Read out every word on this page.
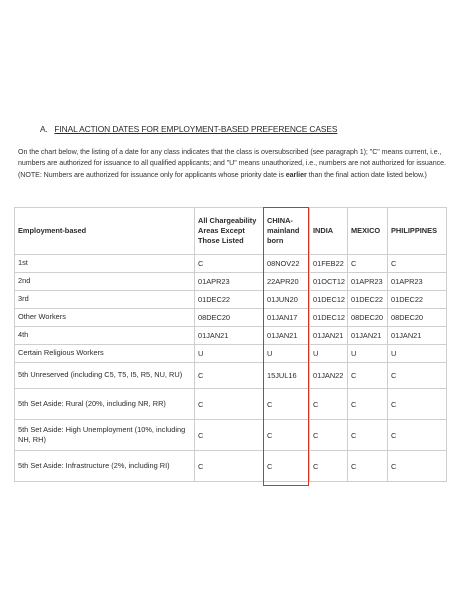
A. FINAL ACTION DATES FOR EMPLOYMENT-BASED PREFERENCE CASES
On the chart below, the listing of a date for any class indicates that the class is oversubscribed (see paragraph 1); "C" means current, i.e., numbers are authorized for issuance to all qualified applicants; and "U" means unauthorized, i.e., numbers are not authorized for issuance. (NOTE: Numbers are authorized for issuance only for applicants whose priority date is earlier than the final action date listed below.)
Employment-based	All Chargeability Areas Except Those Listed	CHINA-mainland born	INDIA	MEXICO	PHILIPPINES
1st	C	08NOV22	01FEB22	C	C
2nd	01APR23	22APR20	01OCT12	01APR23	01APR23
3rd	01DEC22	01JUN20	01DEC12	01DEC22	01DEC22
Other Workers	08DEC20	01JAN17	01DEC12	08DEC20	08DEC20
4th	01JAN21	01JAN21	01JAN21	01JAN21	01JAN21
Certain Religious Workers	U	U	U	U	U
5th Unreserved (including C5, T5, I5, R5, NU, RU)	C	15JUL16	01JAN22	C	C
5th Set Aside: Rural (20%, including NR, RR)	C	C	C	C	C
5th Set Aside: High Unemployment (10%, including NH, RH)	C	C	C	C	C
5th Set Aside: Infrastructure (2%, including RI)	C	C	C	C	C
